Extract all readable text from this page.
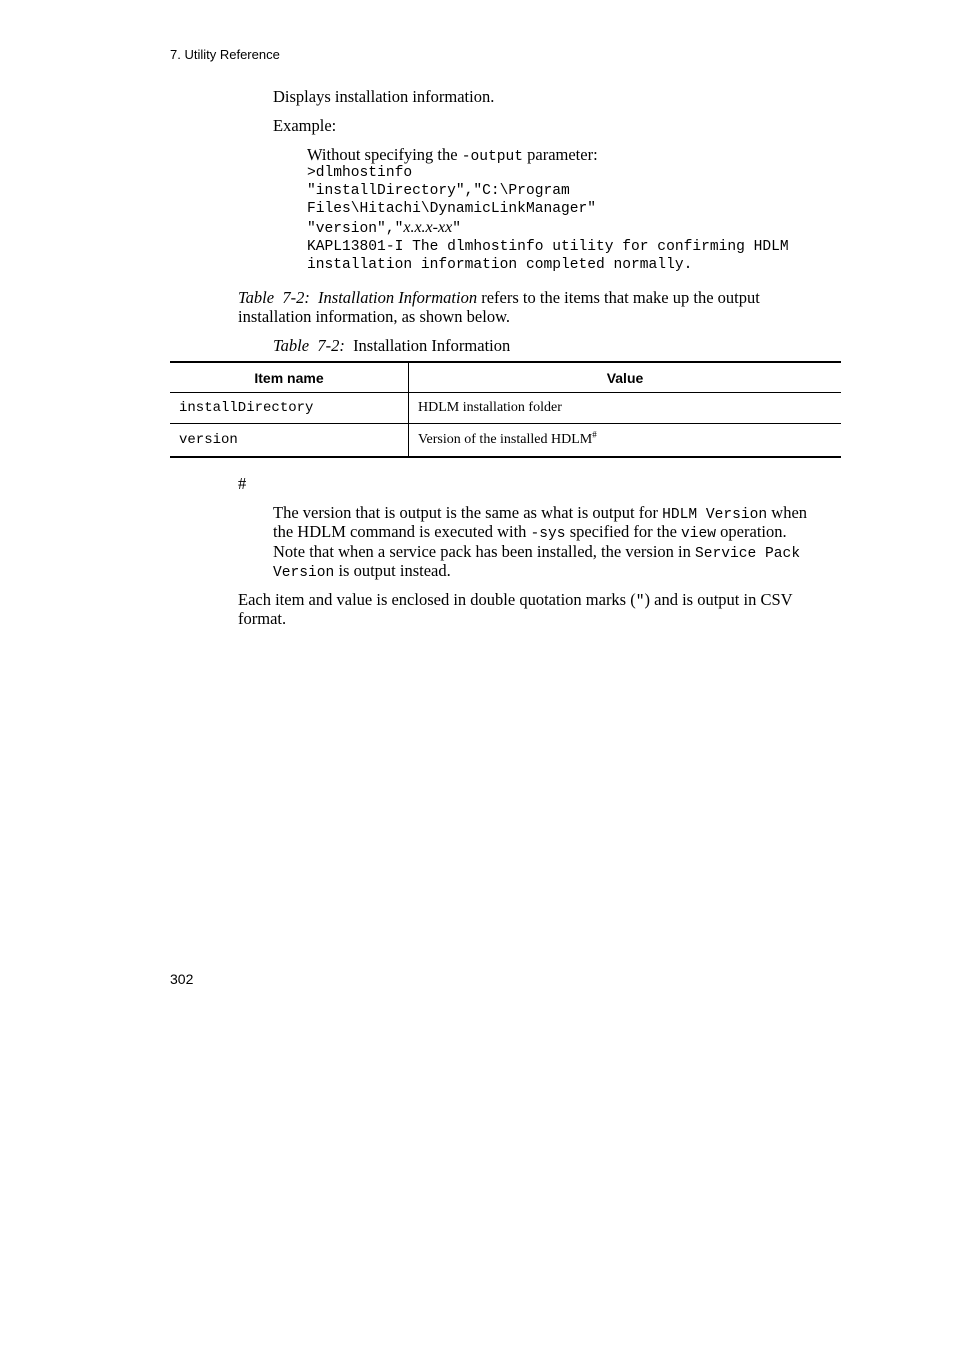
7. Utility Reference
Displays installation information.
Example:
Without specifying the -output parameter:
>dlmhostinfo
"installDirectory","C:\Program
Files\Hitachi\DynamicLinkManager"
"version","x.x.x-xx"
KAPL13801-I The dlmhostinfo utility for confirming HDLM
installation information completed normally.
Table  7-2:  Installation Information refers to the items that make up the output
installation information, as shown below.
Table  7-2:  Installation Information
Item name	Value
installDirectory	HDLM installation folder
version	Version of the installed HDLM#
#
The version that is output is the same as what is output for HDLM Version when
the HDLM command is executed with -sys specified for the view operation.
Note that when a service pack has been installed, the version in Service Pack
Version is output instead.
Each item and value is enclosed in double quotation marks (") and is output in CSV
format.
302
